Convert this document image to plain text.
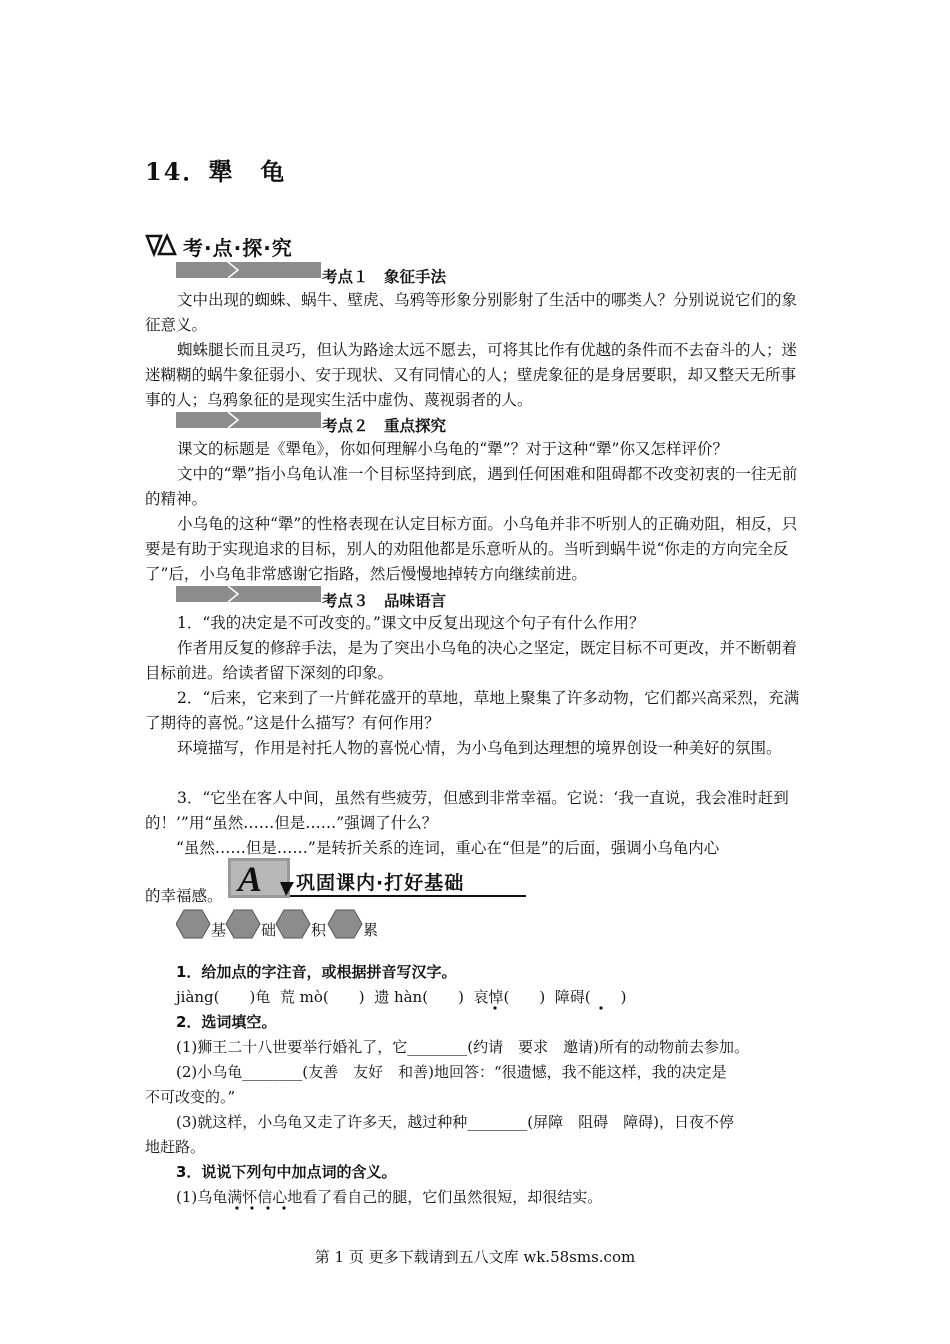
14．犟　龟
考·点·探·究
考点１　象征手法
文中出现的蜘蛛、蜗牛、壁虎、乌鸦等形象分别影射了生活中的哪类人？分别说说它们的象征意义。
蜘蛛腿长而且灵巧，但认为路途太远不愿去，可将其比作有优越的条件而不去奋斗的人；迷迷糊糊的蜗牛象征弱小、安于现状、又有同情心的人；壁虎象征的是身居要职，却又整天无所事事的人；乌鸦象征的是现实生活中虚伪、蔑视弱者的人。
考点２　重点探究
课文的标题是《犟龟》，你如何理解小乌龟的“犟”？对于这种“犟”你又怎样评价？
文中的“犟”指小乌龟认准一个目标坚持到底，遇到任何困难和阻碍都不改变初衷的一往无前的精神。
小乌龟的这种“犟”的性格表现在认定目标方面。小乌龟并非不听别人的正确劝阻，相反，只要是有助于实现追求的目标，别人的劝阻他都是乐意听从的。当听到蜗牛说“你走的方向完全反了”后，小乌龟非常感谢它指路，然后慢慢地掉转方向继续前进。
考点３　品味语言
1．“我的决定是不可改变的。”课文中反复出现这个句子有什么作用？
作者用反复的修辞手法，是为了突出小乌龟的决心之坚定，既定目标不可更改，并不断朝着目标前进。给读者留下深刻的印象。
2．“后来，它来到了一片鲜花盛开的草地，草地上聚集了许多动物，它们都兴高采烈，充满了期待的喜悦。”这是什么描写？有何作用？
环境描写，作用是衬托人物的喜悦心情，为小乌龟到达理想的境界创设一种美好的氛围。
3．“它坐在客人中间，虽然有些疲劳，但感到非常幸福。它说：‘我一直说，我会准时赶到的！’”用“虽然……但是……”强调了什么？
“虽然……但是……”是转折关系的连词，重心在“但是”的后面，强调小乌龟内心
的幸福感。 A 巩固课内·打好基础
基 础 积 累
1．给加点的字注音，或根据拼音写汉字。
jiàng(　　)龟 荒 mò(　　) 遗 hàn(　　) 哀悼(　　) 障碍(　　)
2．选词填空。
(1)狮王二十八世要举行婚礼了，它________(约请　要求　邀请)所有的动物前去参加。
(2)小乌龟________(友善　友好　和善)地回答：“很遗憾，我不能这样，我的决定是
不可改变的。”
(3)就这样，小乌龟又走了许多天，越过种种________(屏障　阻碍　障碍)，日夜不停
地赶路。
3．说说下列句中加点词的含义。
(1)乌龟满怀信心地看了看自己的腿，它们虽然很短，却很结实。
第 1 页 更多下载请到五八文库 wk.58sms.com
